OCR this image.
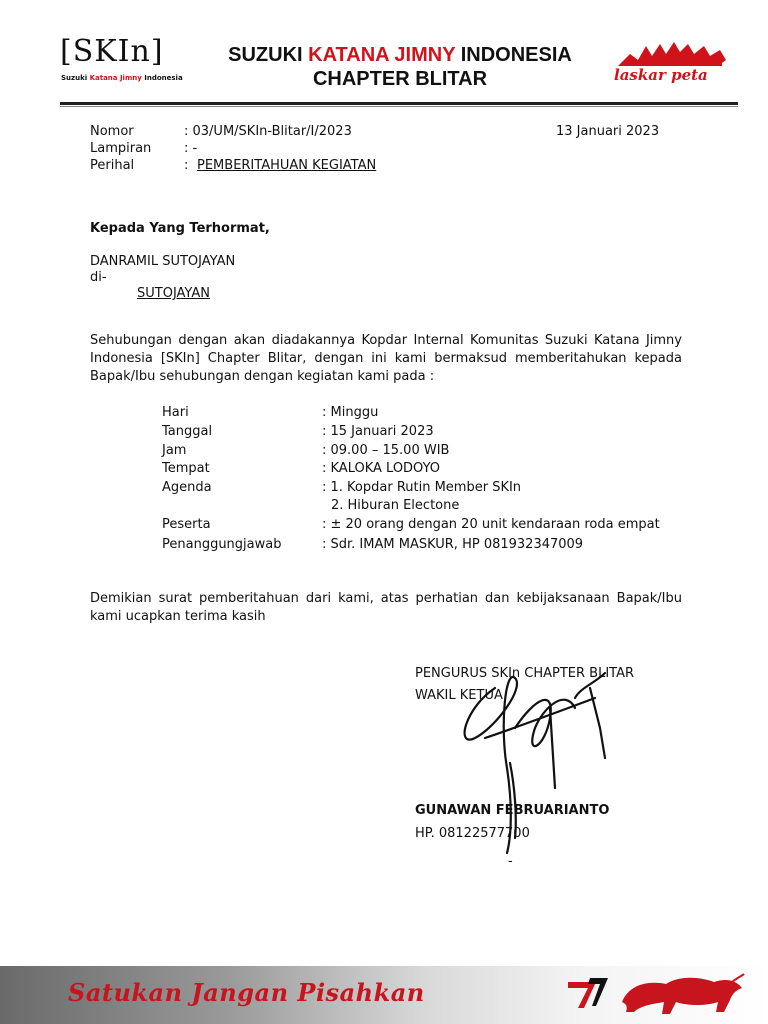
[SKIn]
Suzuki Katana Jimny Indonesia
SUZUKI KATANA JIMNY INDONESIA
CHAPTER BLITAR	laskar peta
Nomor	: 03/UM/SKIn-Blitar/I/2023	13 Januari 2023
Lampiran	: -
Perihal	: PEMBERITAHUAN KEGIATAN
Kepada Yang Terhormat,
DANRAMIL SUTOJAYAN
di-
SUTOJAYAN
Sehubungan dengan akan diadakannya Kopdar Internal Komunitas Suzuki Katana Jimny Indonesia [SKIn] Chapter Blitar, dengan ini kami bermaksud memberitahukan kepada Bapak/Ibu sehubungan dengan kegiatan kami pada :
Hari	: Minggu
Tanggal	: 15 Januari 2023
Jam	: 09.00 – 15.00 WIB
Tempat	: KALOKA LODOYO
Agenda	: 1. Kopdar Rutin Member SKIn
2. Hiburan Electone
Peserta	: ± 20 orang dengan 20 unit kendaraan roda empat
Penanggungjawab	: Sdr. IMAM MASKUR, HP 081932347009
Demikian surat pemberitahuan dari kami, atas perhatian dan kebijaksanaan Bapak/Ibu kami ucapkan terima kasih
PENGURUS SKIn CHAPTER BLITAR
WAKIL KETUA
GUNAWAN FEBRUARIANTO
HP. 08122577700
-
Satukan Jangan Pisahkan
